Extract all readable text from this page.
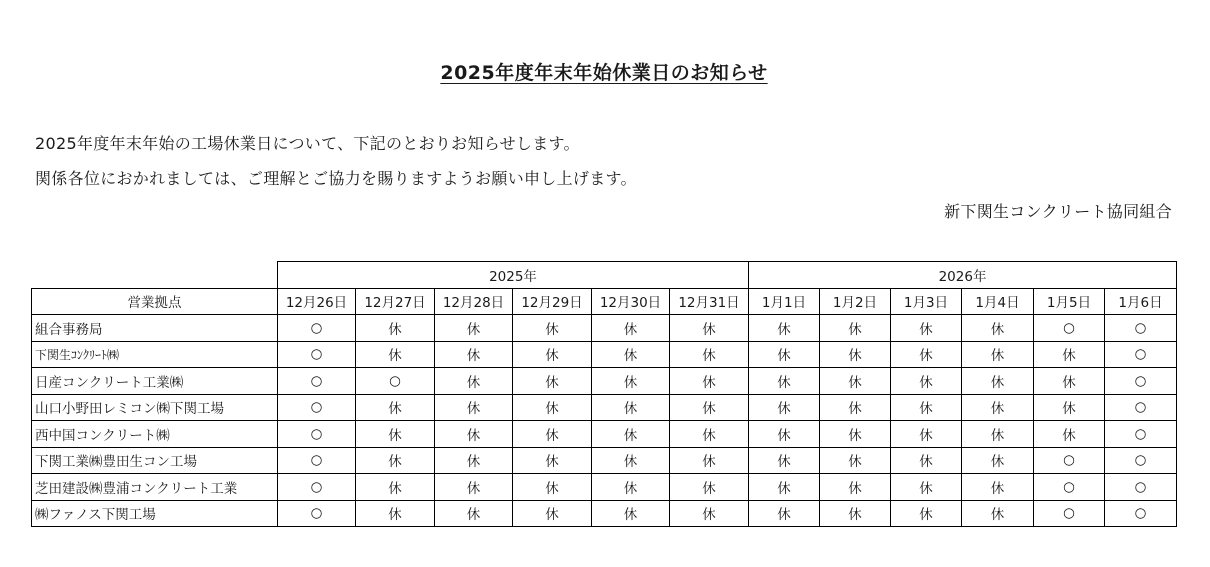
2025年度年末年始休業日のお知らせ
2025年度年末年始の工場休業日について、下記のとおりお知らせします。
関係各位におかれましては、ご理解とご協力を賜りますようお願い申し上げます。
新下関生コンクリート協同組合
	2025年						2026年					
営業拠点	12月26日	12月27日	12月28日	12月29日	12月30日	12月31日	1月1日	1月2日	1月3日	1月4日	1月5日	1月6日
組合事務局	○	休	休	休	休	休	休	休	休	休	○	○
下関生ｺﾝｸﾘｰﾄ㈱	○	休	休	休	休	休	休	休	休	休	休	○
日産コンクリート工業㈱	○	○	休	休	休	休	休	休	休	休	休	○
山口小野田レミコン㈱下関工場	○	休	休	休	休	休	休	休	休	休	休	○
西中国コンクリート㈱	○	休	休	休	休	休	休	休	休	休	休	○
下関工業㈱豊田生コン工場	○	休	休	休	休	休	休	休	休	休	○	○
芝田建設㈱豊浦コンクリート工業	○	休	休	休	休	休	休	休	休	休	○	○
㈱ファノス下関工場	○	休	休	休	休	休	休	休	休	休	○	○
